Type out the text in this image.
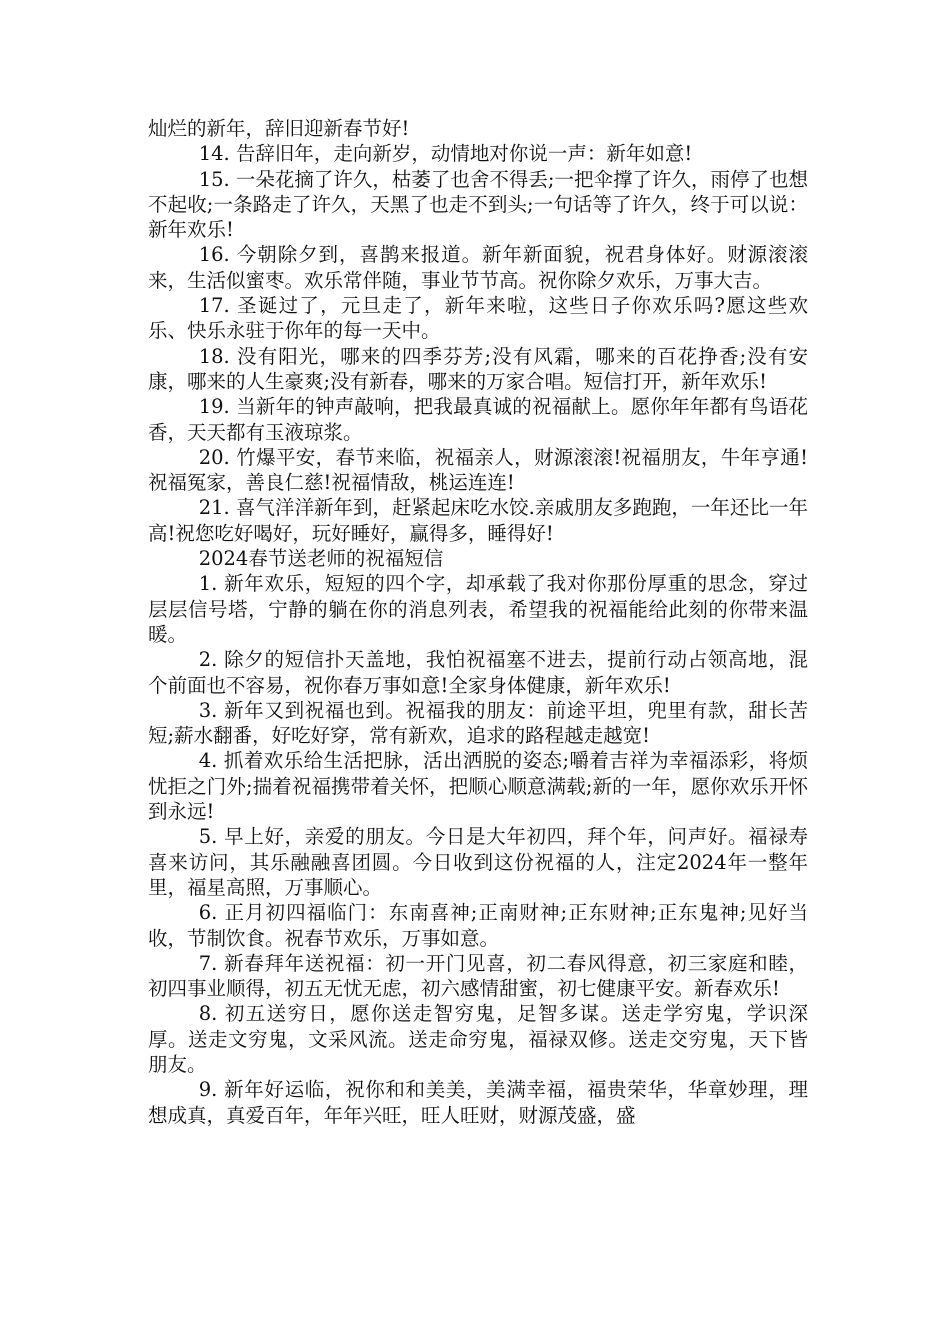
灿烂的新年，辞旧迎新春节好!

14. 告辞旧年，走向新岁，动情地对你说一声：新年如意!

15. 一朵花摘了许久，枯萎了也舍不得丢;一把伞撑了许久，雨停了也想不起收;一条路走了许久，天黑了也走不到头;一句话等了许久，终于可以说：新年欢乐!

16. 今朝除夕到，喜鹊来报道。新年新面貌，祝君身体好。财源滚滚来，生活似蜜枣。欢乐常伴随，事业节节高。祝你除夕欢乐，万事大吉。

17. 圣诞过了，元旦走了，新年来啦，这些日子你欢乐吗?愿这些欢乐、快乐永驻于你年的每一天中。

18. 没有阳光，哪来的四季芬芳;没有风霜，哪来的百花挣香;没有安康，哪来的人生豪爽;没有新春，哪来的万家合唱。短信打开，新年欢乐!

19. 当新年的钟声敲响，把我最真诚的祝福献上。愿你年年都有鸟语花香，天天都有玉液琼浆。

20. 竹爆平安，春节来临，祝福亲人，财源滚滚!祝福朋友，牛年亨通!祝福冤家，善良仁慈!祝福情敌，桃运连连!

21. 喜气洋洋新年到，赶紧起床吃水饺.亲戚朋友多跑跑，一年还比一年高!祝您吃好喝好，玩好睡好，赢得多，睡得好!

2024春节送老师的祝福短信

1. 新年欢乐，短短的四个字，却承载了我对你那份厚重的思念，穿过层层信号塔，宁静的躺在你的消息列表，希望我的祝福能给此刻的你带来温暖。

2. 除夕的短信扑天盖地，我怕祝福塞不进去，提前行动占领高地，混个前面也不容易，祝你春万事如意!全家身体健康，新年欢乐!

3. 新年又到祝福也到。祝福我的朋友：前途平坦，兜里有款，甜长苦短;薪水翻番，好吃好穿，常有新欢，追求的路程越走越宽!

4. 抓着欢乐给生活把脉，活出洒脱的姿态;嚼着吉祥为幸福添彩，将烦忧拒之门外;揣着祝福携带着关怀，把顺心顺意满载;新的一年，愿你欢乐开怀到永远!

5. 早上好，亲爱的朋友。今日是大年初四，拜个年，问声好。福禄寿喜来访问，其乐融融喜团圆。今日收到这份祝福的人，注定2024年一整年里，福星高照，万事顺心。

6. 正月初四福临门：东南喜神;正南财神;正东财神;正东鬼神;见好当收，节制饮食。祝春节欢乐，万事如意。

7. 新春拜年送祝福：初一开门见喜，初二春风得意，初三家庭和睦，初四事业顺得，初五无忧无虑，初六感情甜蜜，初七健康平安。新春欢乐!

8. 初五送穷日，愿你送走智穷鬼，足智多谋。送走学穷鬼，学识深厚。送走文穷鬼，文采风流。送走命穷鬼，福禄双修。送走交穷鬼，天下皆朋友。

9. 新年好运临，祝你和和美美，美满幸福，福贵荣华，华章妙理，理想成真，真爱百年，年年兴旺，旺人旺财，财源茂盛，盛
